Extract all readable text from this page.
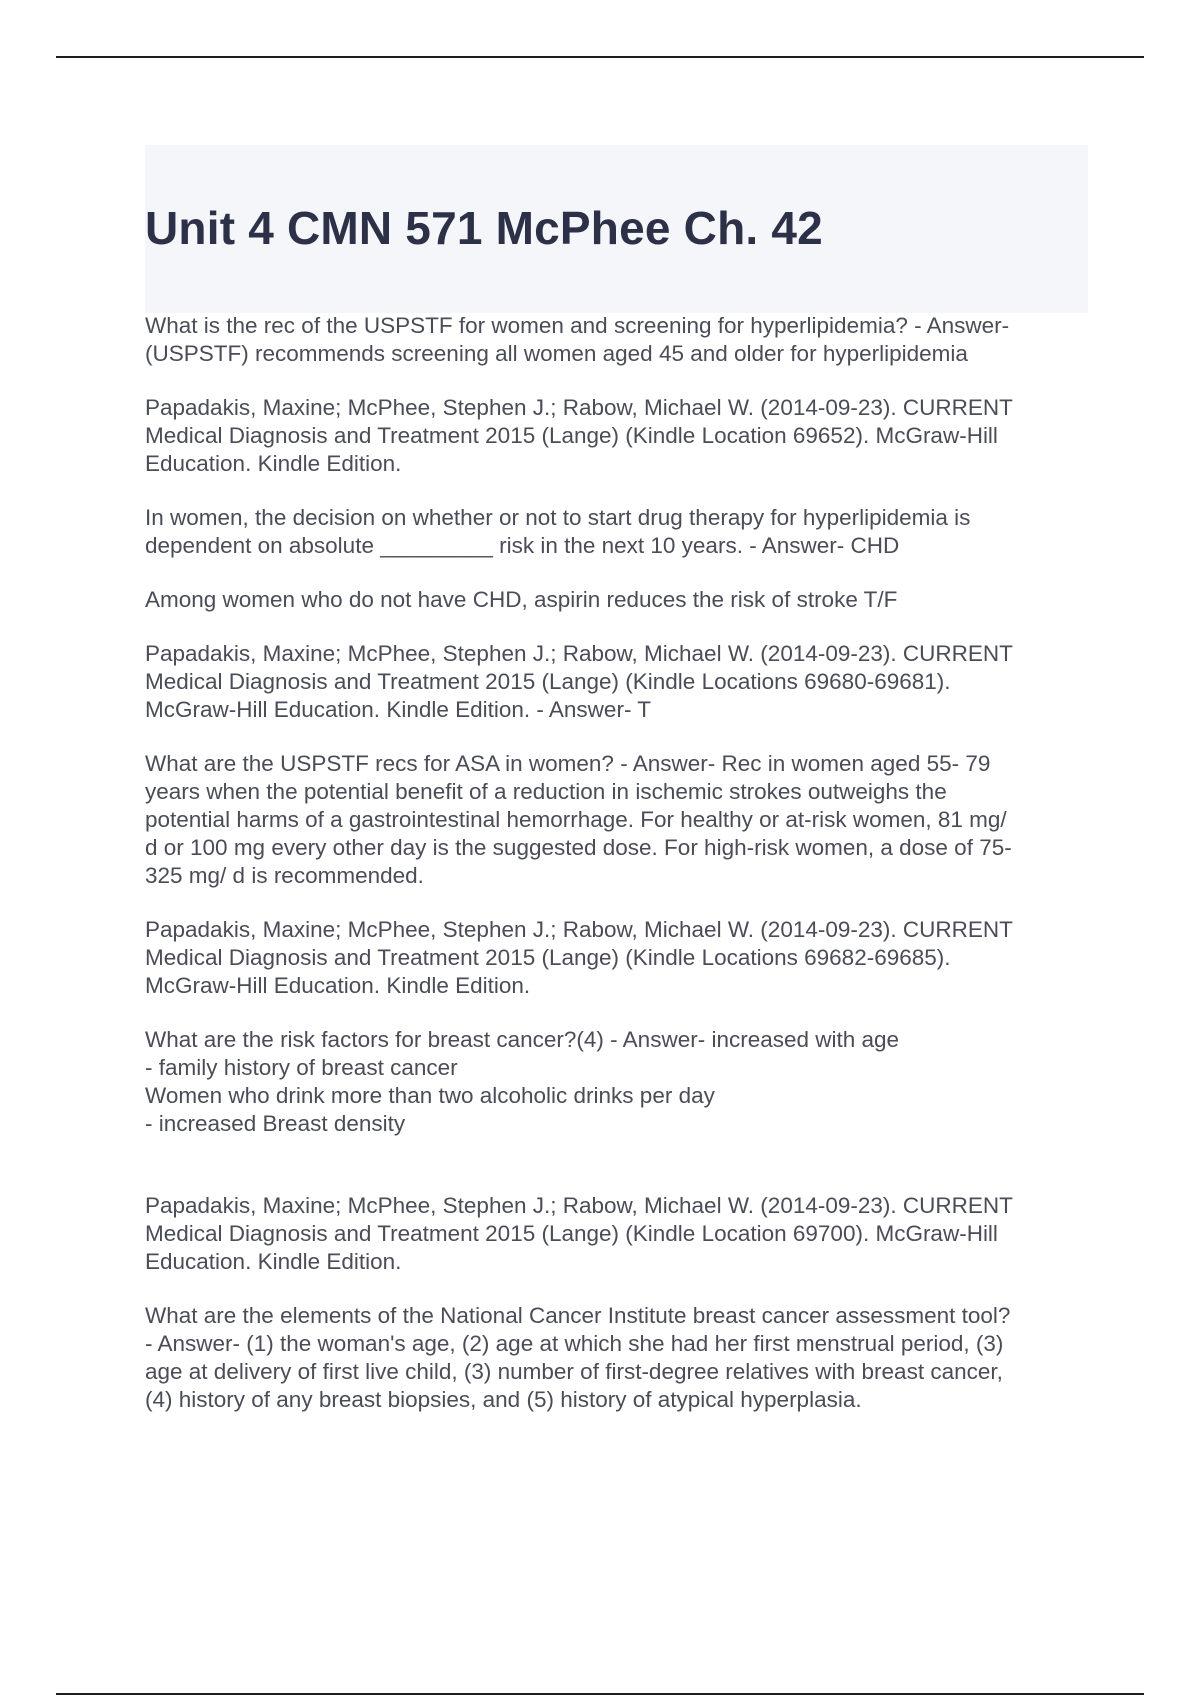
Unit 4 CMN 571 McPhee Ch. 42

What is the rec of the USPSTF for women and screening for hyperlipidemia? - Answer-
(USPSTF) recommends screening all women aged 45 and older for hyperlipidemia

Papadakis, Maxine; McPhee, Stephen J.; Rabow, Michael W. (2014-09-23). CURRENT
Medical Diagnosis and Treatment 2015 (Lange) (Kindle Location 69652). McGraw-Hill
Education. Kindle Edition.

In women, the decision on whether or not to start drug therapy for hyperlipidemia is
dependent on absolute _________ risk in the next 10 years. - Answer- CHD

Among women who do not have CHD, aspirin reduces the risk of stroke T/F

Papadakis, Maxine; McPhee, Stephen J.; Rabow, Michael W. (2014-09-23). CURRENT
Medical Diagnosis and Treatment 2015 (Lange) (Kindle Locations 69680-69681).
McGraw-Hill Education. Kindle Edition. - Answer- T

What are the USPSTF recs for ASA in women? - Answer- Rec in women aged 55- 79
years when the potential benefit of a reduction in ischemic strokes outweighs the
potential harms of a gastrointestinal hemorrhage. For healthy or at-risk women, 81 mg/
d or 100 mg every other day is the suggested dose. For high-risk women, a dose of 75-
325 mg/ d is recommended.

Papadakis, Maxine; McPhee, Stephen J.; Rabow, Michael W. (2014-09-23). CURRENT
Medical Diagnosis and Treatment 2015 (Lange) (Kindle Locations 69682-69685).
McGraw-Hill Education. Kindle Edition.

What are the risk factors for breast cancer?(4) - Answer- increased with age
- family history of breast cancer
Women who drink more than two alcoholic drinks per day
- increased Breast density

Papadakis, Maxine; McPhee, Stephen J.; Rabow, Michael W. (2014-09-23). CURRENT
Medical Diagnosis and Treatment 2015 (Lange) (Kindle Location 69700). McGraw-Hill
Education. Kindle Edition.

What are the elements of the National Cancer Institute breast cancer assessment tool?
- Answer- (1) the woman's age, (2) age at which she had her first menstrual period, (3)
age at delivery of first live child, (3) number of first-degree relatives with breast cancer,
(4) history of any breast biopsies, and (5) history of atypical hyperplasia.
